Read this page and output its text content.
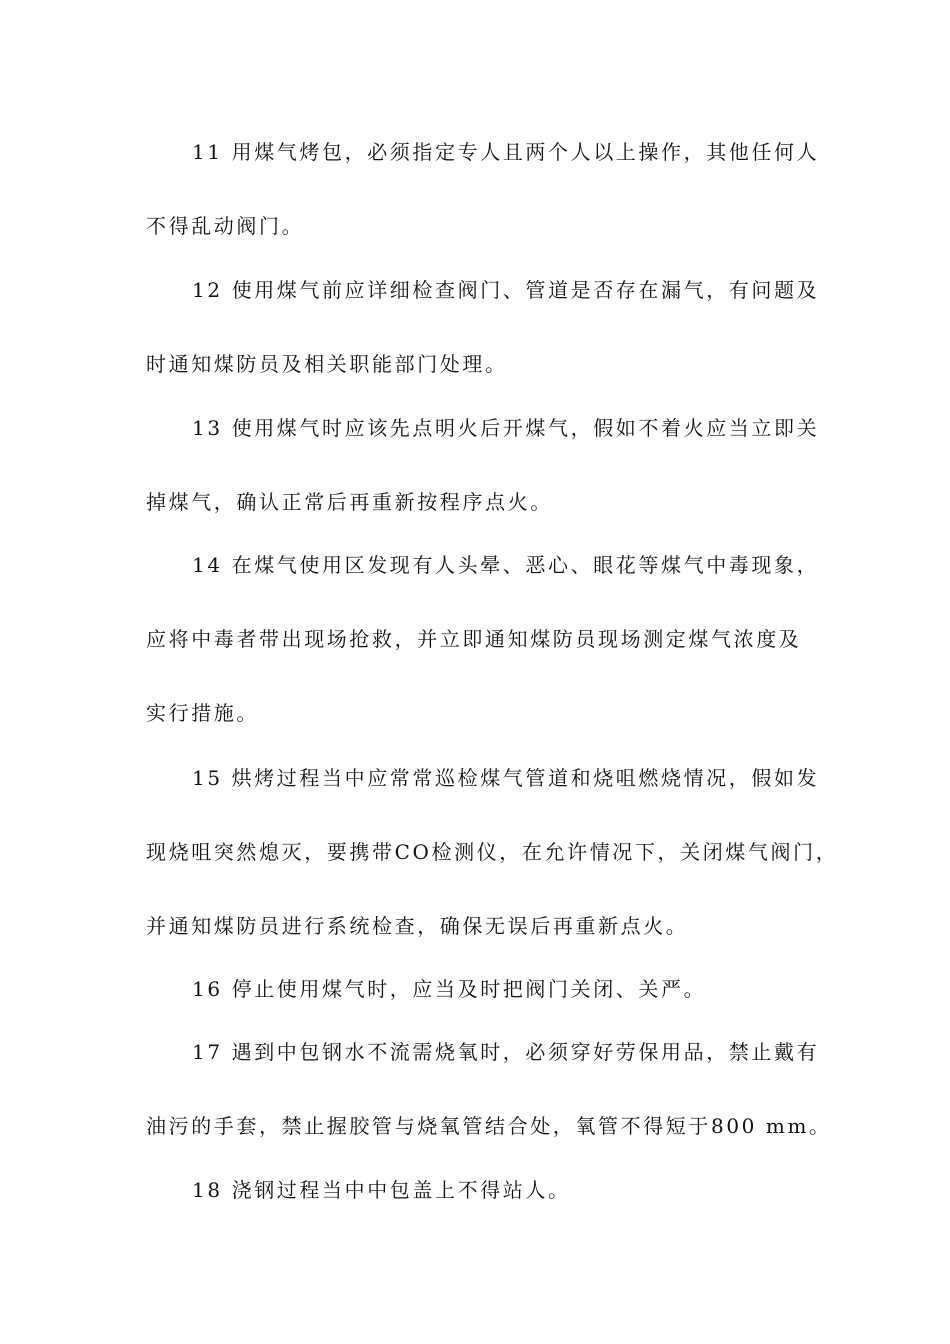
11 用煤气烤包，必须指定专人且两个人以上操作，其他任何人
不得乱动阀门。
12 使用煤气前应详细检查阀门、管道是否存在漏气，有问题及
时通知煤防员及相关职能部门处理。
13 使用煤气时应该先点明火后开煤气，假如不着火应当立即关
掉煤气，确认正常后再重新按程序点火。
14 在煤气使用区发现有人头晕、恶心、眼花等煤气中毒现象，
应将中毒者带出现场抢救，并立即通知煤防员现场测定煤气浓度及
实行措施。
15 烘烤过程当中应常常巡检煤气管道和烧咀燃烧情况，假如发
现烧咀突然熄灭，要携带CO检测仪，在允许情况下，关闭煤气阀门，
并通知煤防员进行系统检查，确保无误后再重新点火。
16 停止使用煤气时，应当及时把阀门关闭、关严。
17 遇到中包钢水不流需烧氧时，必须穿好劳保用品，禁止戴有
油污的手套，禁止握胶管与烧氧管结合处，氧管不得短于800 mm。
18 浇钢过程当中中包盖上不得站人。
